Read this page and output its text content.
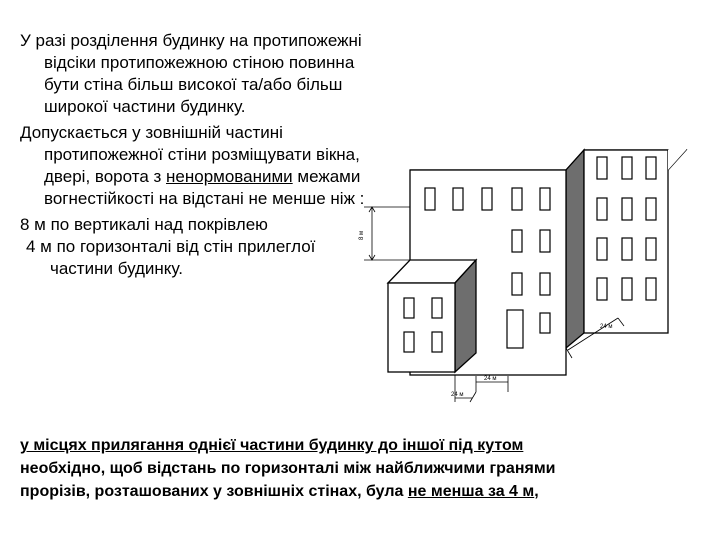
У разі розділення будинку на протипожежні відсіки протипожежною стіною повинна бути стіна більш високої та/або більш широкої частини будинку.

Допускається у зовнішній частині протипожежної стіни розміщувати вікна, двері, ворота з ненормованими межами вогнестійкості на відстані не менше ніж :

8 м по вертикалі над покрівлею

4 м по горизонталі від стін прилеглої частини будинку.

8 м
24 м
24 м
24 м
у місцях прилягання однієї частини будинку до іншої під кутом
необхідно, щоб відстань по горизонталі між найближчими гранями
прорізів, розташованих у зовнішніх стінах, була не менша за 4 м,
